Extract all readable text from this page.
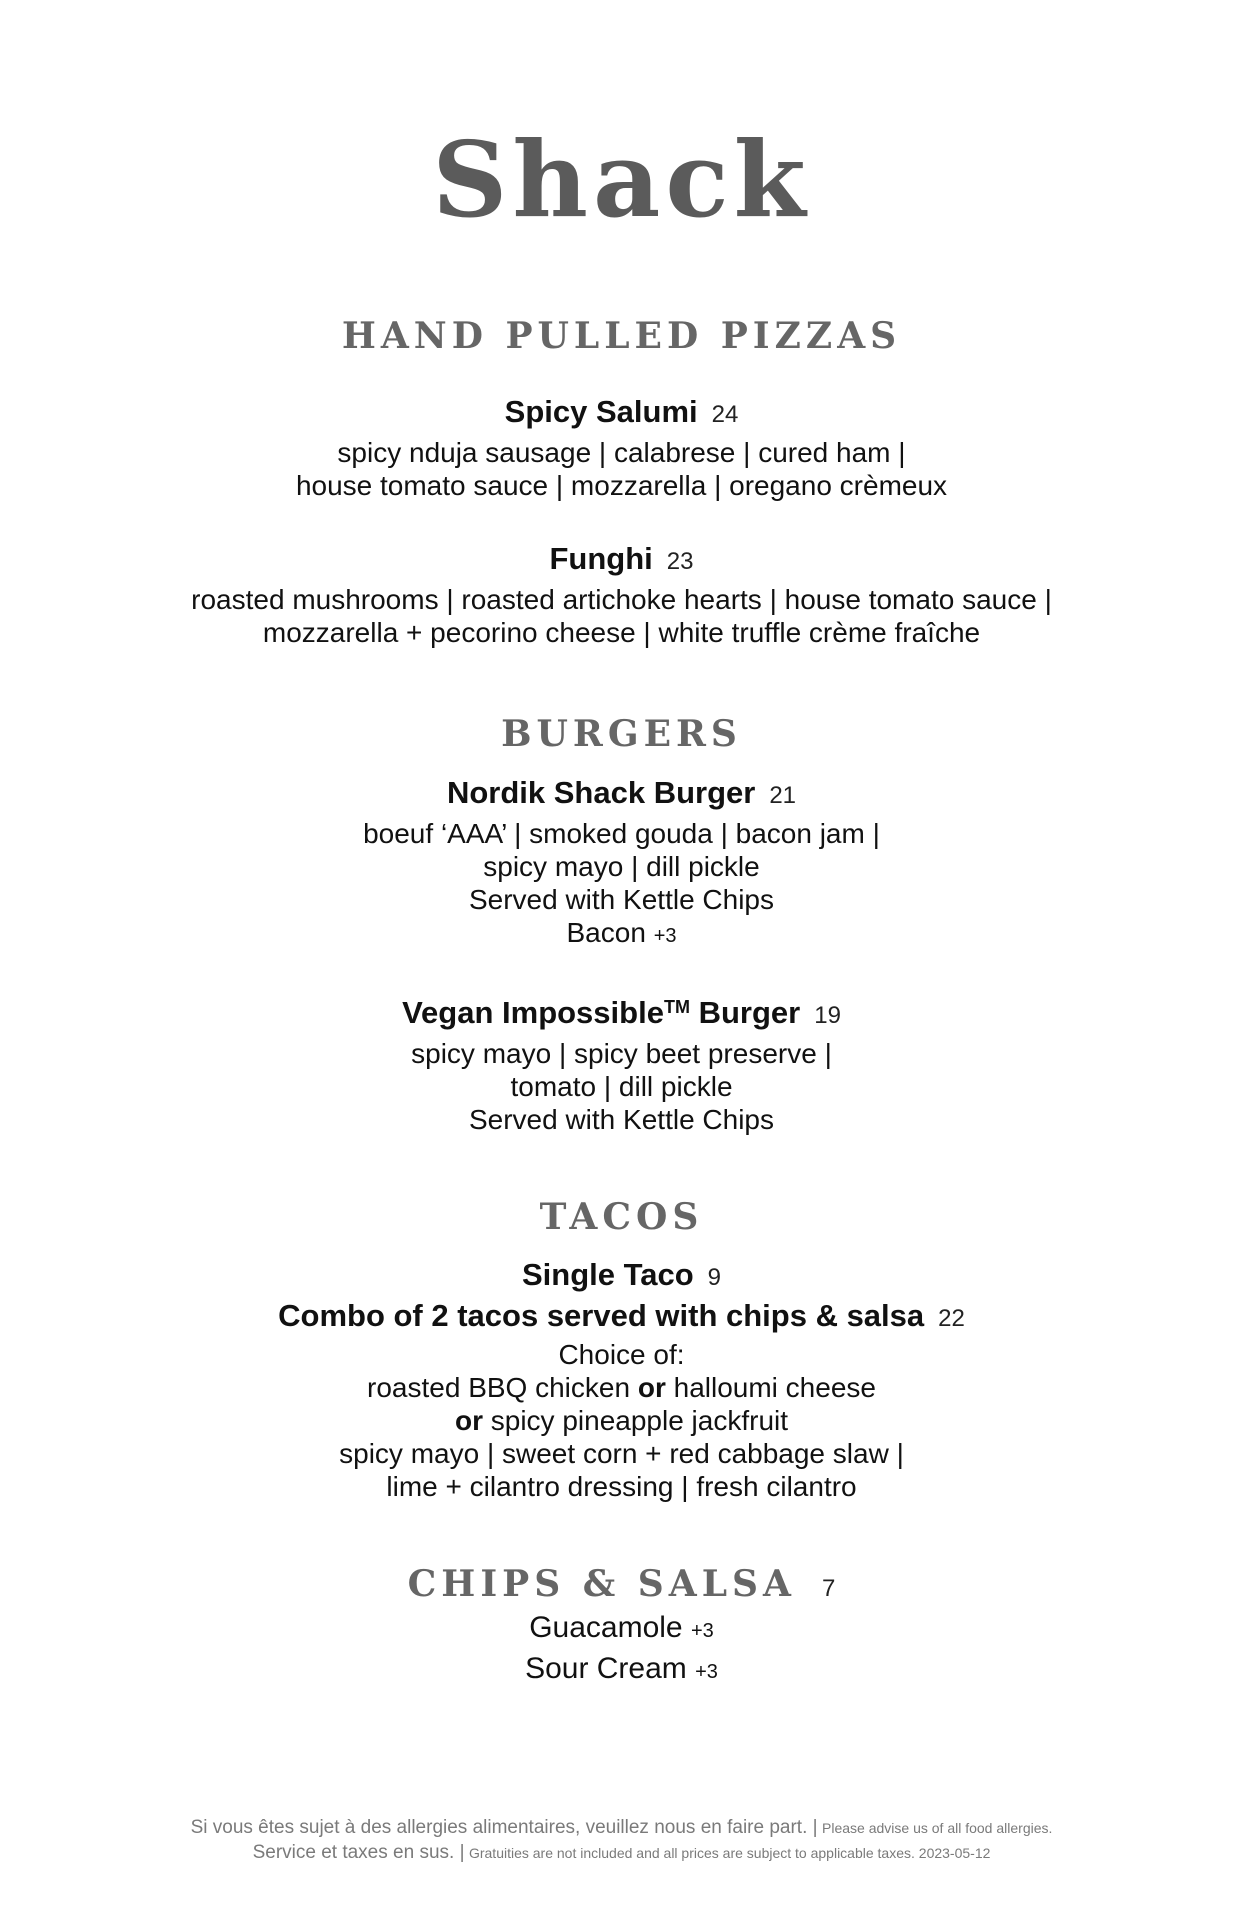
Shack
HAND PULLED PIZZAS
Spicy Salumi 24
spicy nduja sausage | calabrese | cured ham |
house tomato sauce | mozzarella | oregano crèmeux
Funghi 23
roasted mushrooms | roasted artichoke hearts | house tomato sauce |
mozzarella + pecorino cheese | white truffle crème fraîche
BURGERS
Nordik Shack Burger 21
boeuf ‘AAA’ | smoked gouda | bacon jam |
spicy mayo | dill pickle
Served with Kettle Chips
Bacon +3
Vegan Impossible™ Burger 19
spicy mayo | spicy beet preserve |
tomato | dill pickle
Served with Kettle Chips
TACOS
Single Taco 9
Combo of 2 tacos served with chips & salsa 22
Choice of:
roasted BBQ chicken or halloumi cheese
or spicy pineapple jackfruit
spicy mayo | sweet corn + red cabbage slaw |
lime + cilantro dressing | fresh cilantro
CHIPS & SALSA 7
Guacamole +3
Sour Cream +3
Si vous êtes sujet à des allergies alimentaires, veuillez nous en faire part. | Please advise us of all food allergies.
Service et taxes en sus. | Gratuities are not included and all prices are subject to applicable taxes. 2023-05-12
